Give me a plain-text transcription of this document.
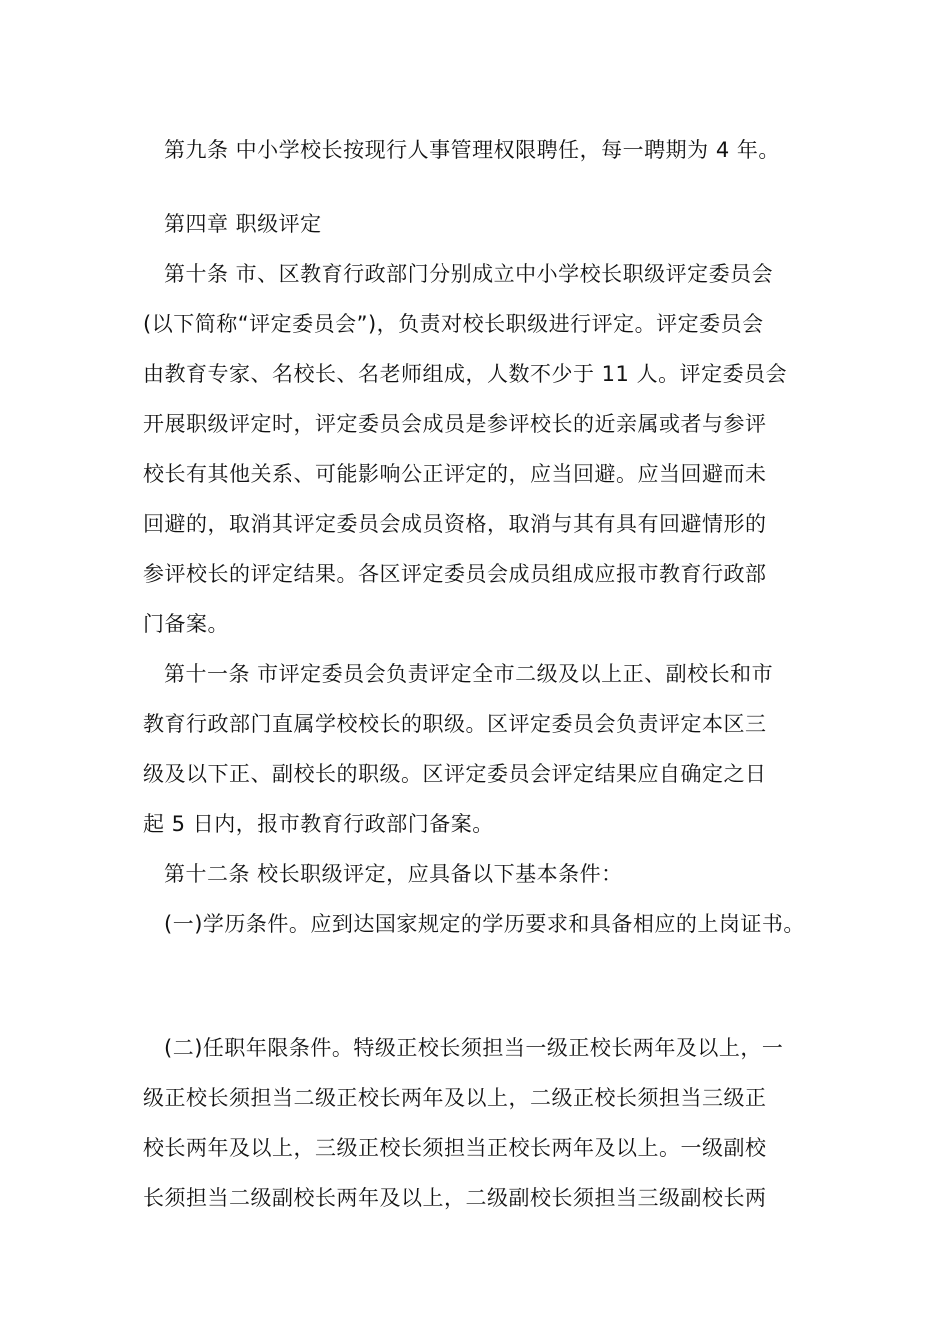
第九条 中小学校长按现行人事管理权限聘任，每一聘期为 4 年。

第四章 职级评定

第十条 市、区教育行政部门分别成立中小学校长职级评定委员会

(以下简称“评定委员会”)，负责对校长职级进行评定。评定委员会

由教育专家、名校长、名老师组成，人数不少于 11 人。评定委员会

开展职级评定时，评定委员会成员是参评校长的近亲属或者与参评

校长有其他关系、可能影响公正评定的，应当回避。应当回避而未

回避的，取消其评定委员会成员资格，取消与其有具有回避情形的

参评校长的评定结果。各区评定委员会成员组成应报市教育行政部

门备案。

第十一条 市评定委员会负责评定全市二级及以上正、副校长和市

教育行政部门直属学校校长的职级。区评定委员会负责评定本区三

级及以下正、副校长的职级。区评定委员会评定结果应自确定之日

起 5 日内，报市教育行政部门备案。

第十二条 校长职级评定，应具备以下基本条件：

(一)学历条件。应到达国家规定的学历要求和具备相应的上岗证书。

(二)任职年限条件。特级正校长须担当一级正校长两年及以上，一

级正校长须担当二级正校长两年及以上，二级正校长须担当三级正

校长两年及以上，三级正校长须担当正校长两年及以上。一级副校

长须担当二级副校长两年及以上，二级副校长须担当三级副校长两
